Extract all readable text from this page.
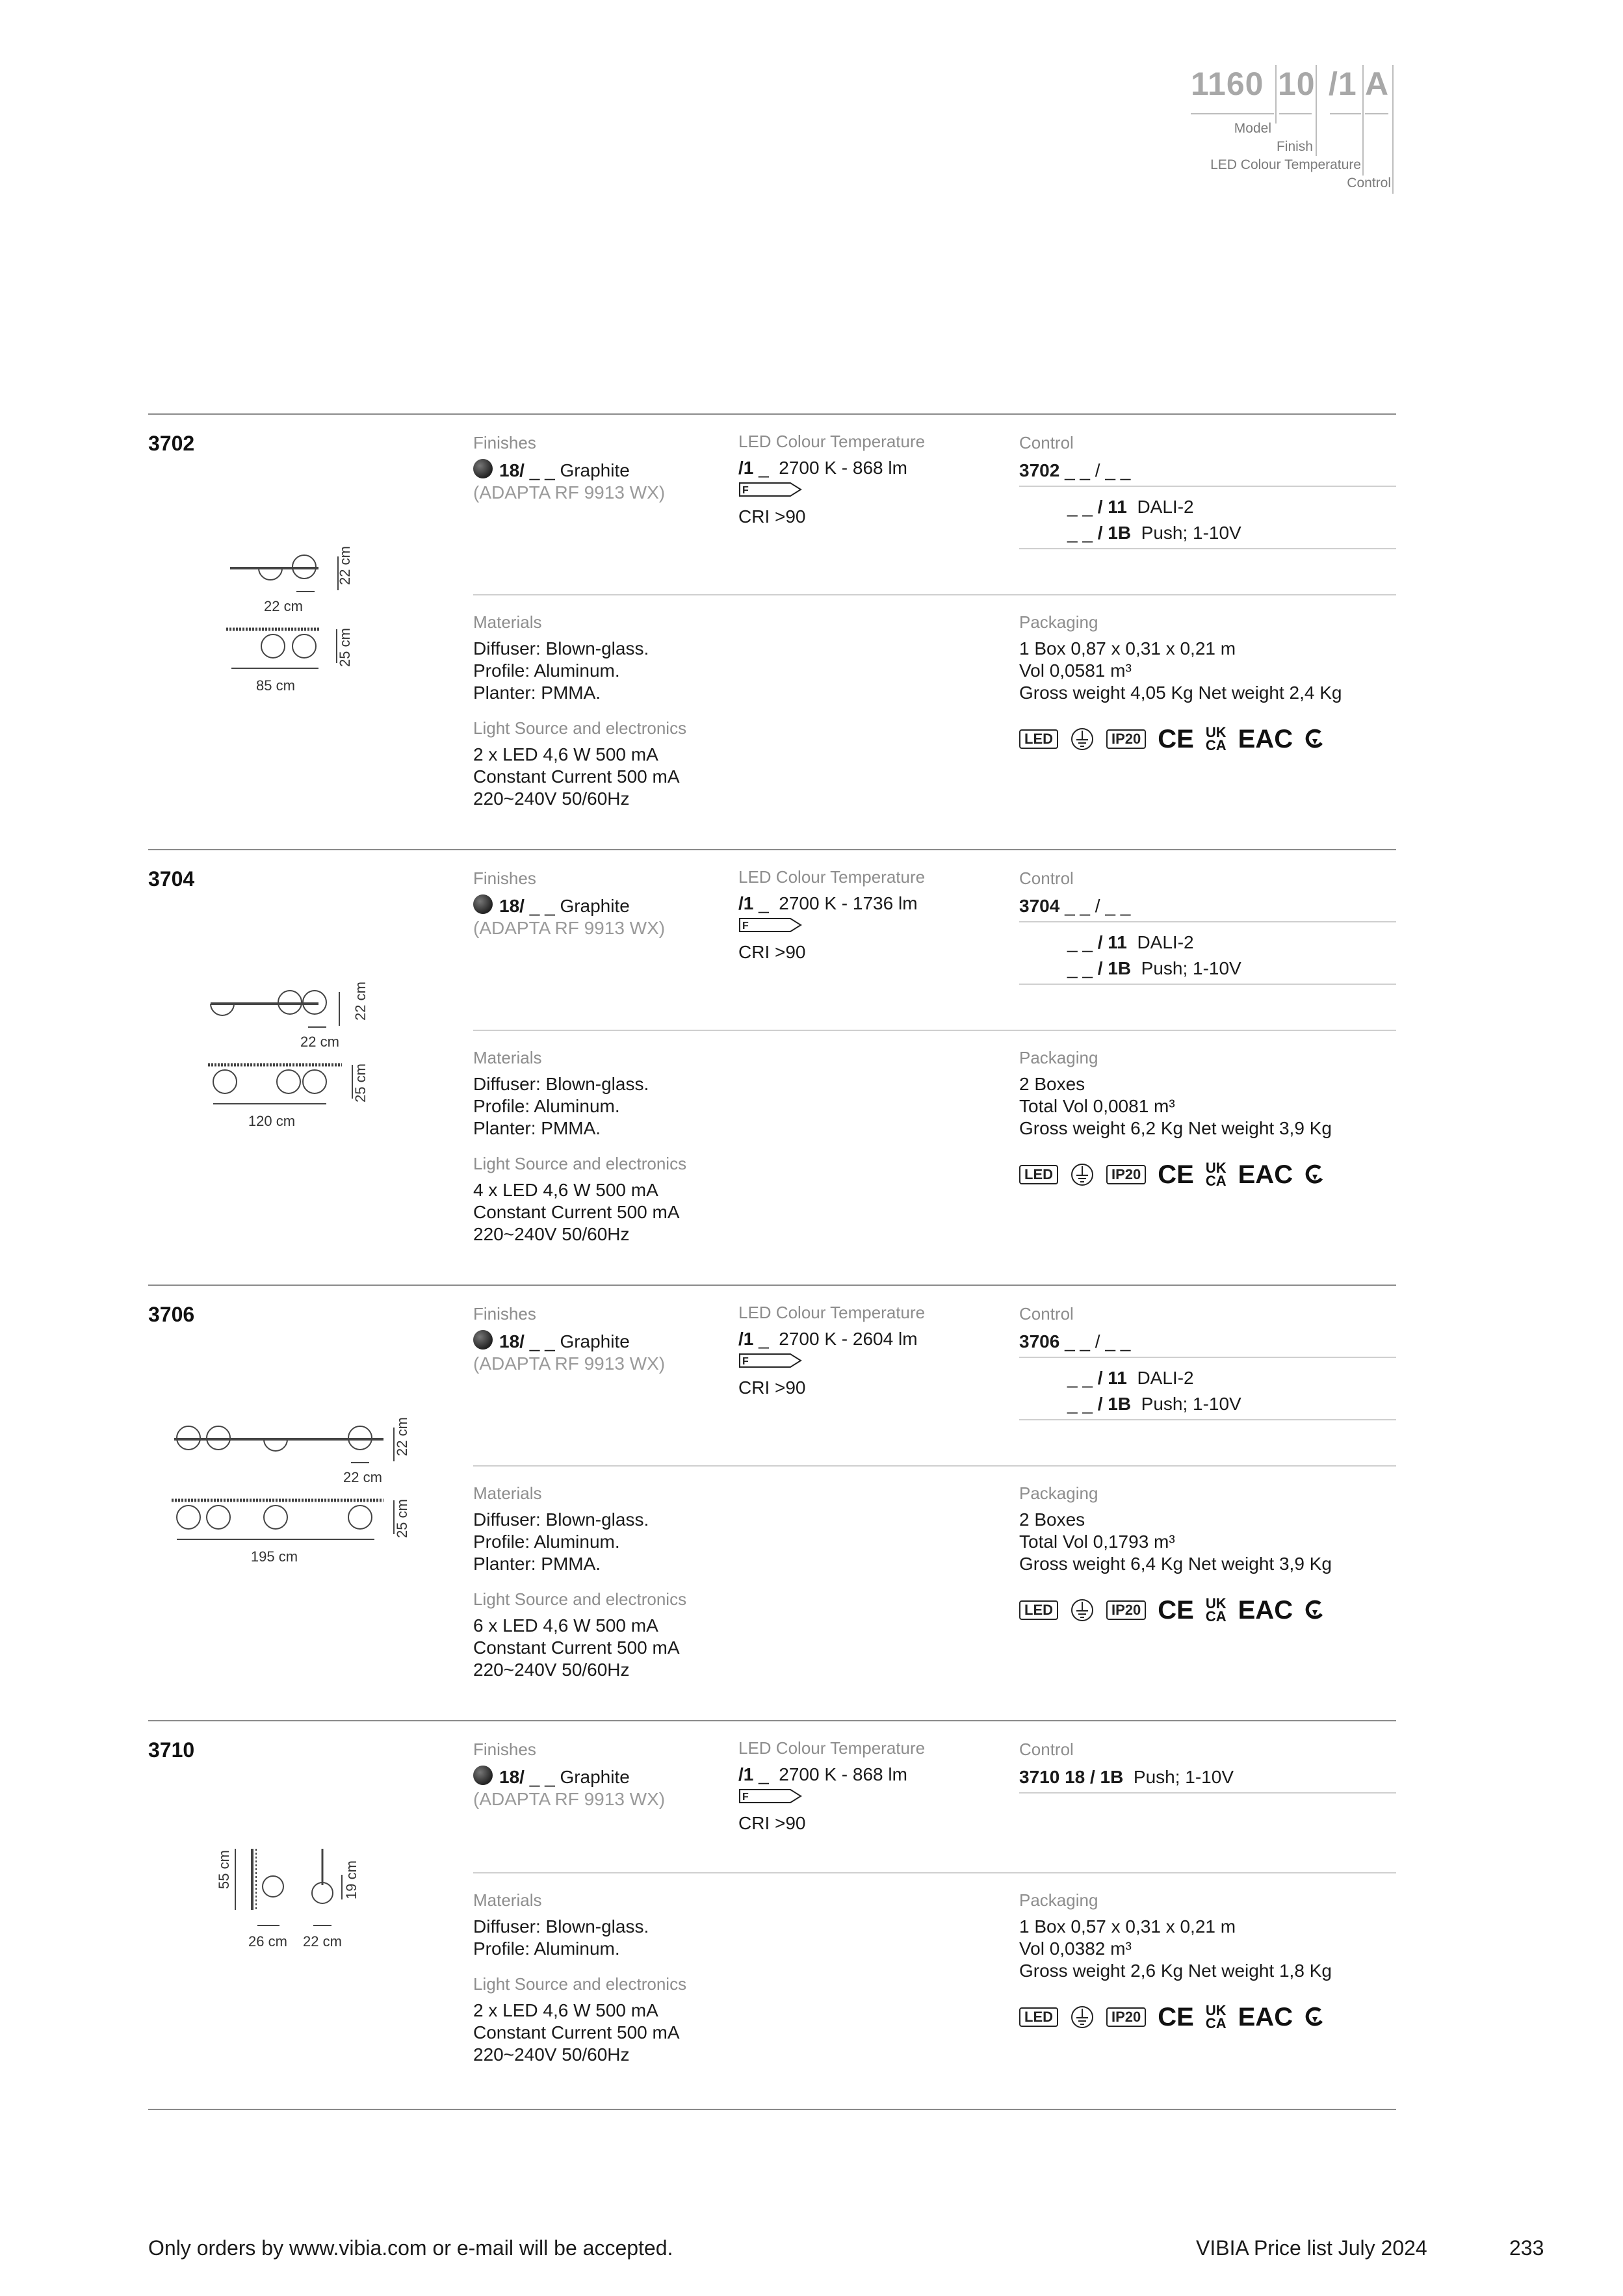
1160 10 /1 A
Model
Finish
LED Colour Temperature
Control
3702
22 cm
22 cm
85 cm
25 cm
Finishes
18/
_ _
Graphite
(ADAPTA RF 9913 WX)
LED Colour Temperature
/1 _ 2700 K - 868 lm
F
CRI >90
Control
3702 _ _ / _ _
_ _ / 11 DALI-2
_ _ / 1B Push; 1-10V
Materials
Diffuser: Blown-glass.
Profile: Aluminum.
Planter: PMMA.
Light Source and electronics
2 x LED 4,6 W 500 mA
Constant Current 500 mA
220~240V 50/60Hz
Packaging
1 Box 0,87 x 0,31 x 0,21 m
Vol 0,0581 m³
Gross weight 4,05 Kg Net weight 2,4 Kg
LED	IP20 CE UK
CA EAC
3704
22 cm
22 cm
120 cm
25 cm
Finishes
18/
_ _
Graphite
(ADAPTA RF 9913 WX)
LED Colour Temperature
/1 _ 2700 K - 1736 lm
F
CRI >90
Control
3704 _ _ / _ _
_ _ / 11 DALI-2
_ _ / 1B Push; 1-10V
Materials
Diffuser: Blown-glass.
Profile: Aluminum.
Planter: PMMA.
Light Source and electronics
4 x LED 4,6 W 500 mA
Constant Current 500 mA
220~240V 50/60Hz
Packaging
2 Boxes
Total Vol 0,0081 m³
Gross weight 6,2 Kg Net weight 3,9 Kg
LED	IP20 CE UK
CA EAC
3706
22 cm
22 cm
195 cm
25 cm
Finishes
18/
_ _
Graphite
(ADAPTA RF 9913 WX)
LED Colour Temperature
/1 _ 2700 K - 2604 lm
F
CRI >90
Control
3706 _ _ / _ _
_ _ / 11 DALI-2
_ _ / 1B Push; 1-10V
Materials
Diffuser: Blown-glass.
Profile: Aluminum.
Planter: PMMA.
Light Source and electronics
6 x LED 4,6 W 500 mA
Constant Current 500 mA
220~240V 50/60Hz
Packaging
2 Boxes
Total Vol 0,1793 m³
Gross weight 6,4 Kg Net weight 3,9 Kg
LED	IP20 CE UK
CA EAC
3710
55 cm
26 cm
19 cm
22 cm
Finishes
18/
_ _
Graphite
(ADAPTA RF 9913 WX)
LED Colour Temperature
/1 _ 2700 K - 868 lm
F
CRI >90
Control
3710 18 / 1B Push; 1-10V
Materials
Diffuser: Blown-glass.
Profile: Aluminum.
Light Source and electronics
2 x LED 4,6 W 500 mA
Constant Current 500 mA
220~240V 50/60Hz
Packaging
1 Box 0,57 x 0,31 x 0,21 m
Vol 0,0382 m³
Gross weight 2,6 Kg Net weight 1,8 Kg
LED	IP20 CE UK
CA EAC
Only orders by www.vibia.com or e-mail will be accepted.	VIBIA Price list July 2024	233
